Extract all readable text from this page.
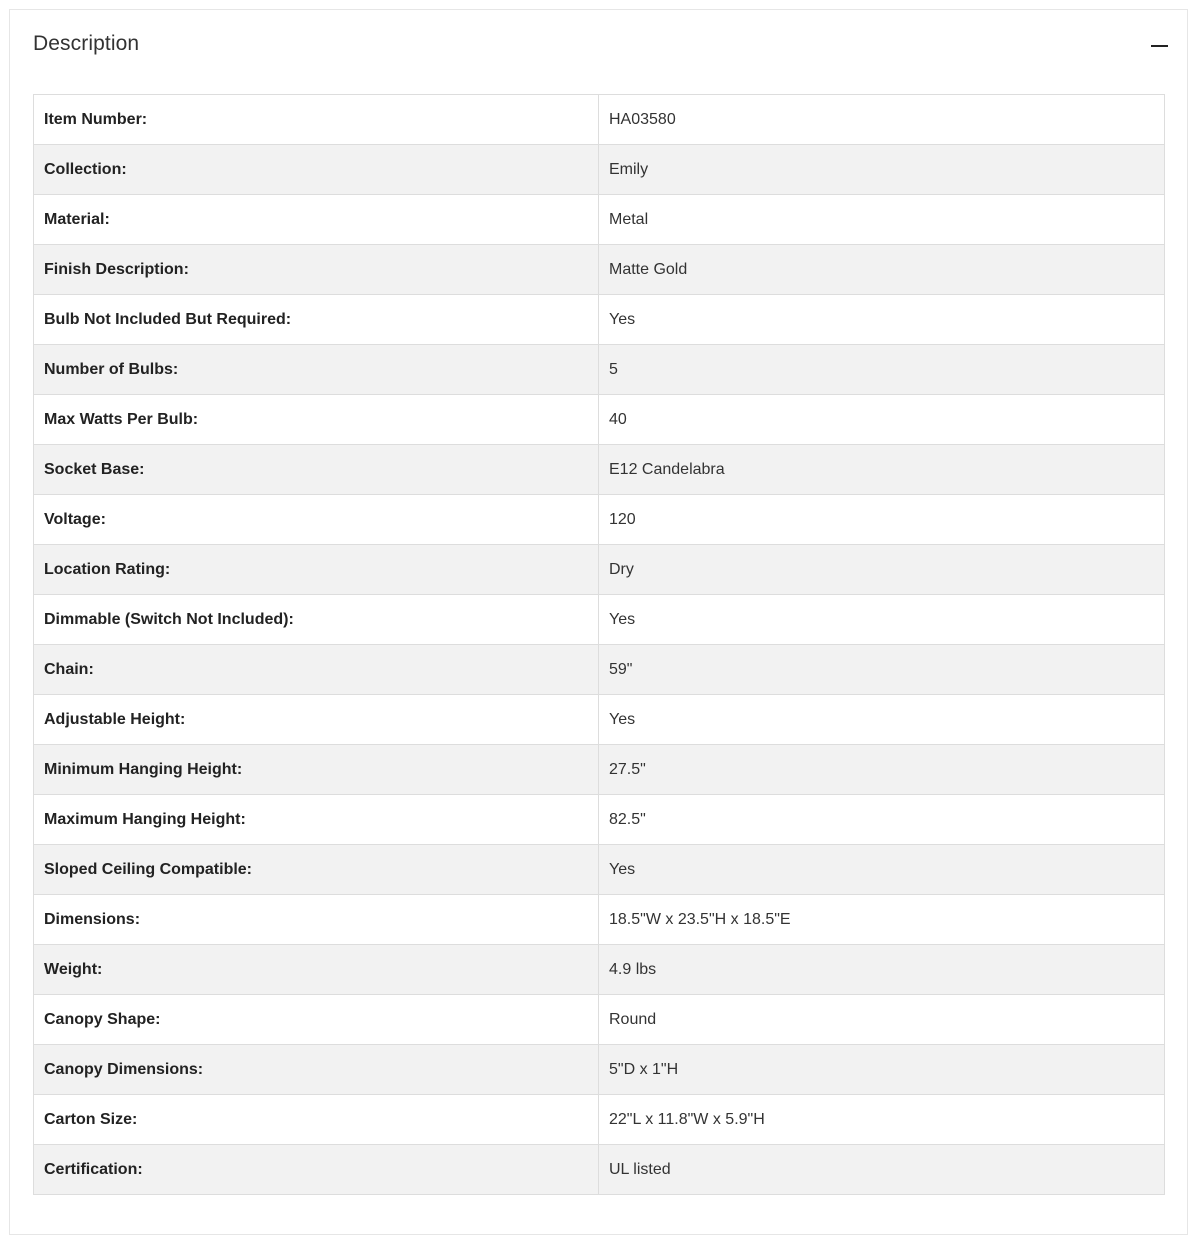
Description
Item Number:	HA03580
Collection:	Emily
Material:	Metal
Finish Description:	Matte Gold
Bulb Not Included But Required:	Yes
Number of Bulbs:	5
Max Watts Per Bulb:	40
Socket Base:	E12 Candelabra
Voltage:	120
Location Rating:	Dry
Dimmable (Switch Not Included):	Yes
Chain:	59"
Adjustable Height:	Yes
Minimum Hanging Height:	27.5"
Maximum Hanging Height:	82.5"
Sloped Ceiling Compatible:	Yes
Dimensions:	18.5"W x 23.5"H x 18.5"E
Weight:	4.9 lbs
Canopy Shape:	Round
Canopy Dimensions:	5"D x 1"H
Carton Size:	22"L x 11.8"W x 5.9"H
Certification:	UL listed
